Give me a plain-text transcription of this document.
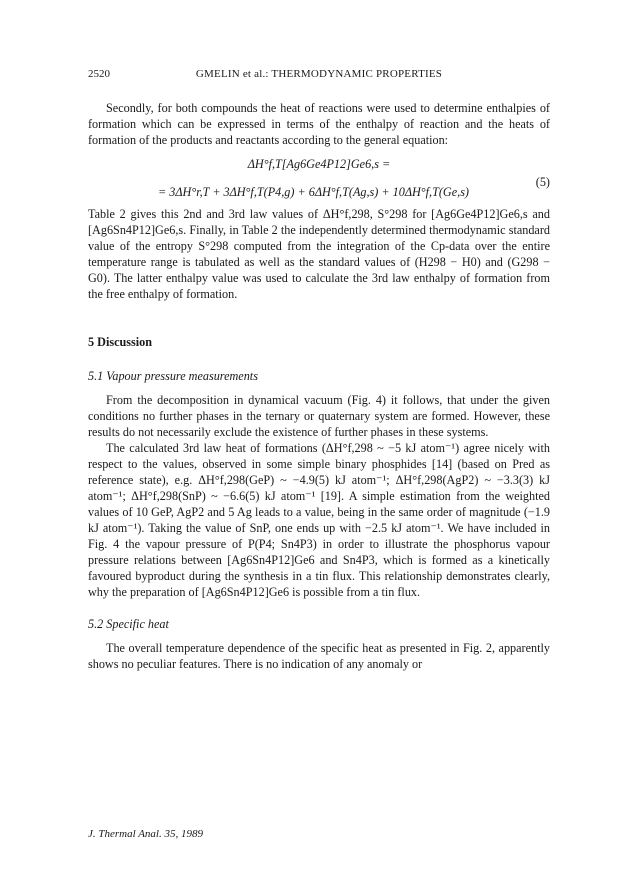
2520	GMELIN et al.: THERMODYNAMIC PROPERTIES

Secondly, for both compounds the heat of reactions were used to determine enthalpies of formation which can be expressed in terms of the enthalpy of reaction and the heats of formation of the products and reactants according to the general equation:

ΔH°f,T[Ag6Ge4P12]Ge6,s =
= 3ΔH°r,T + 3ΔH°f,T(P4,g) + 6ΔH°f,T(Ag,s) + 10ΔH°f,T(Ge,s)
(5)

Table 2 gives this 2nd and 3rd law values of ΔH°f,298, S°298 for [Ag6Ge4P12]Ge6,s and [Ag6Sn4P12]Ge6,s. Finally, in Table 2 the independently determined thermodynamic standard value of the entropy S°298 computed from the integration of the Cp-data over the entire temperature range is tabulated as well as the standard values of (H298 − H0) and (G298 − G0). The latter enthalpy value was used to calculate the 3rd law enthalpy of formation from the free enthalpy of formation.

5 Discussion
5.1 Vapour pressure measurements

From the decomposition in dynamical vacuum (Fig. 4) it follows, that under the given conditions no further phases in the ternary or quaternary system are formed. However, these results do not necessarily exclude the existence of further phases in these systems.

The calculated 3rd law heat of formations (ΔH°f,298 ~ −5 kJ atom⁻¹) agree nicely with respect to the values, observed in some simple binary phosphides [14] (based on Pred as reference state), e.g. ΔH°f,298(GeP) ~ −4.9(5) kJ atom⁻¹; ΔH°f,298(AgP2) ~ −3.3(3) kJ atom⁻¹; ΔH°f,298(SnP) ~ −6.6(5) kJ atom⁻¹ [19]. A simple estimation from the weighted values of 10 GeP, AgP2 and 5 Ag leads to a value, being in the same order of magnitude (−1.9 kJ atom⁻¹). Taking the value of SnP, one ends up with −2.5 kJ atom⁻¹. We have included in Fig. 4 the vapour pressure of P(P4; Sn4P3) in order to illustrate the phosphorus vapour pressure relations between [Ag6Sn4P12]Ge6 and Sn4P3, which is formed as a kinetically favoured byproduct during the synthesis in a tin flux. This relationship demonstrates clearly, why the preparation of [Ag6Sn4P12]Ge6 is possible from a tin flux.

5.2 Specific heat

The overall temperature dependence of the specific heat as presented in Fig. 2, apparently shows no peculiar features. There is no indication of any anomaly or

J. Thermal Anal. 35, 1989
